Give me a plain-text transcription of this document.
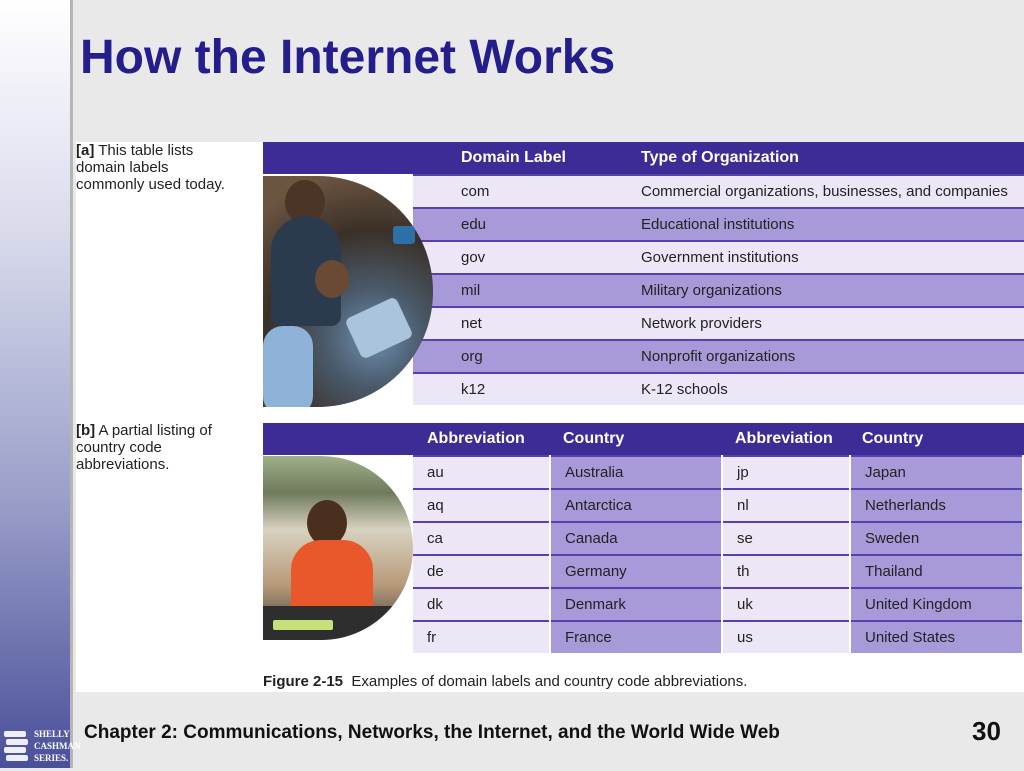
How the Internet Works
[a] This table lists domain labels commonly used today.
[b] A partial listing of country code abbreviations.
Domain Label	Type of Organization
com	Commercial organizations, businesses, and companies
edu	Educational institutions
gov	Government institutions
mil	Military organizations
net	Network providers
org	Nonprofit organizations
k12	K-12 schools
Abbreviation Country	Abbreviation Country
au	Australia	jp	Japan
aq	Antarctica	nl	Netherlands
ca	Canada	se	Sweden
de	Germany	th	Thailand
dk	Denmark	uk	United Kingdom
fr	France	us	United States
Figure 2-15 Examples of domain labels and country code abbreviations.
Chapter 2: Communications, Networks, the Internet, and the World Wide Web	30
SHELLY
CASHMAN
SERIES.
